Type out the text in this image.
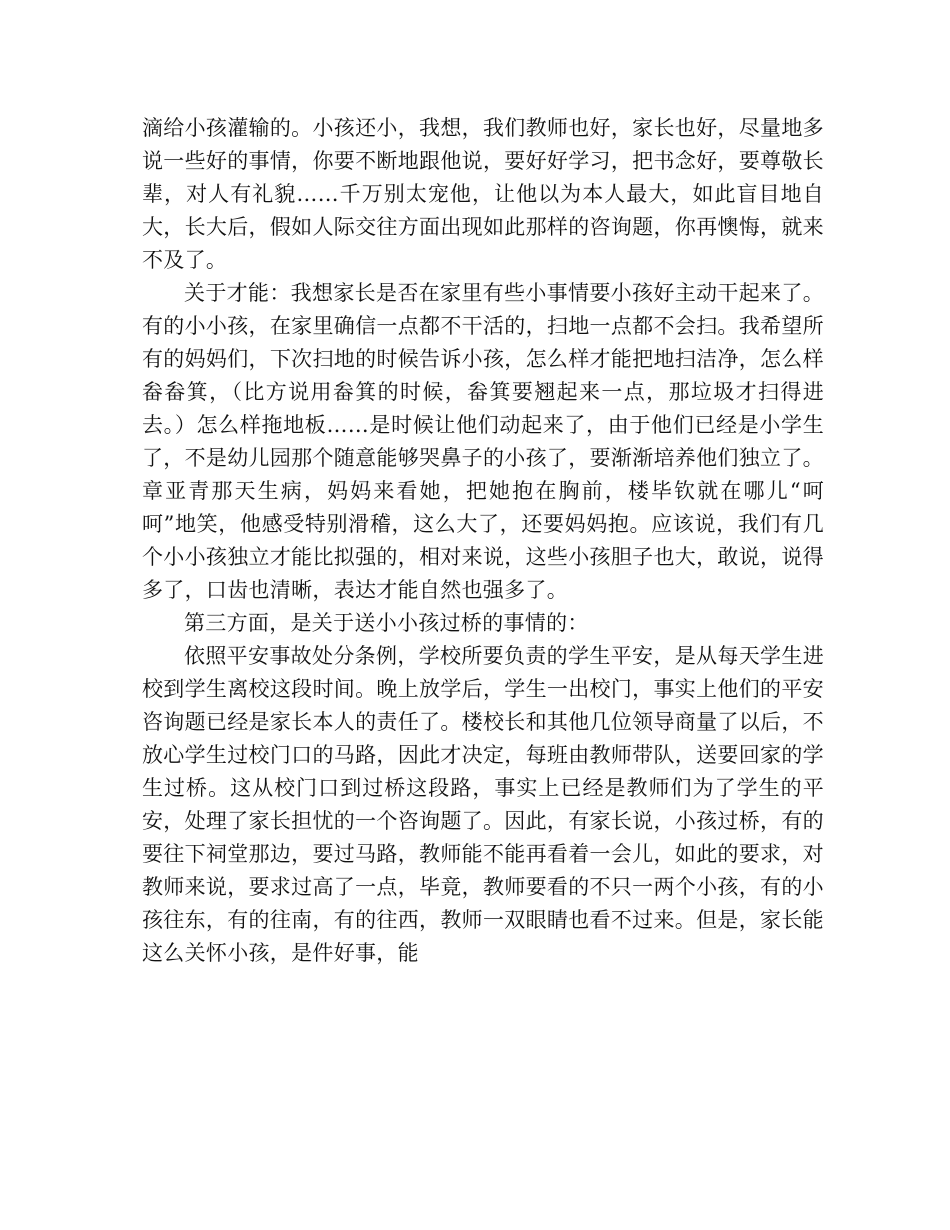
滴给小孩灌输的。小孩还小，我想，我们教师也好，家长也好，尽量地多说一些好的事情，你要不断地跟他说，要好好学习，把书念好，要尊敬长辈，对人有礼貌……千万别太宠他，让他以为本人最大，如此盲目地自大，长大后，假如人际交往方面出现如此那样的咨询题，你再懊悔，就来不及了。

关于才能：我想家长是否在家里有些小事情要小孩好主动干起来了。有的小小孩，在家里确信一点都不干活的，扫地一点都不会扫。我希望所有的妈妈们，下次扫地的时候告诉小孩，怎么样才能把地扫洁净，怎么样畚畚箕，（比方说用畚箕的时候，畚箕要翘起来一点，那垃圾才扫得进去。）怎么样拖地板……是时候让他们动起来了，由于他们已经是小学生了，不是幼儿园那个随意能够哭鼻子的小孩了，要渐渐培养他们独立了。章亚青那天生病，妈妈来看她，把她抱在胸前，楼毕钦就在哪儿“呵呵”地笑，他感受特别滑稽，这么大了，还要妈妈抱。应该说，我们有几个小小孩独立才能比拟强的，相对来说，这些小孩胆子也大，敢说，说得多了，口齿也清晰，表达才能自然也强多了。

第三方面，是关于送小小孩过桥的事情的：

依照平安事故处分条例，学校所要负责的学生平安，是从每天学生进校到学生离校这段时间。晚上放学后，学生一出校门，事实上他们的平安咨询题已经是家长本人的责任了。楼校长和其他几位领导商量了以后，不放心学生过校门口的马路，因此才决定，每班由教师带队，送要回家的学生过桥。这从校门口到过桥这段路，事实上已经是教师们为了学生的平安，处理了家长担忧的一个咨询题了。因此，有家长说，小孩过桥，有的要往下祠堂那边，要过马路，教师能不能再看着一会儿，如此的要求，对教师来说，要求过高了一点，毕竟，教师要看的不只一两个小孩，有的小孩往东，有的往南，有的往西，教师一双眼睛也看不过来。但是，家长能这么关怀小孩，是件好事，能
